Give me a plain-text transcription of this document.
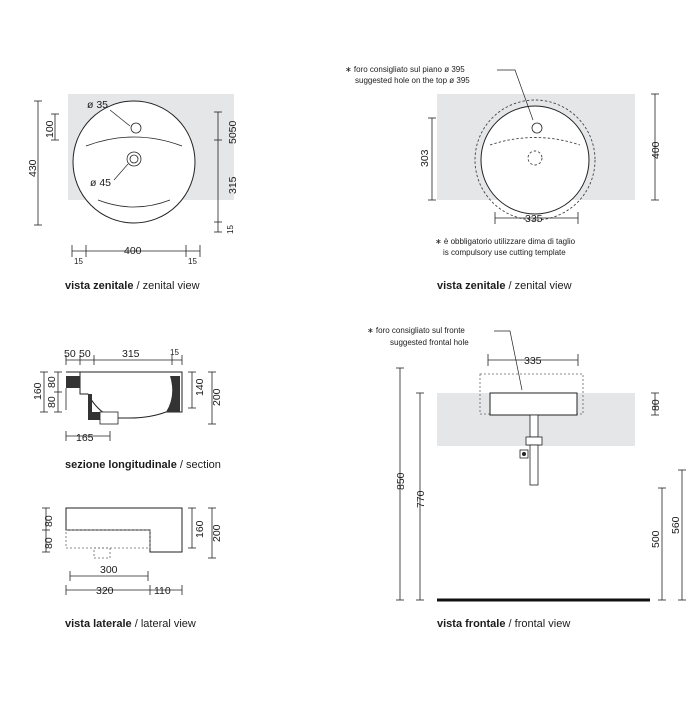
ø 35
ø 45
430
100	5050
315
15
400
15	15
vista zenitale / zenital view
∗ foro consigliato sul piano ø 395
suggested hole on the top ø 395
303	400
335
∗ è obbligatorio utilizzare dima di taglio
is compulsory use cutting template
vista zenitale / zenital view
50 50	315	15
160
80
80
140
200
165
sezione longitudinale / section
80
80
160 200
300
320	110
vista laterale / lateral view
∗ foro consigliato sul fronte
suggested frontal hole
335
80
850
770
500
560
vista frontale / frontal view
